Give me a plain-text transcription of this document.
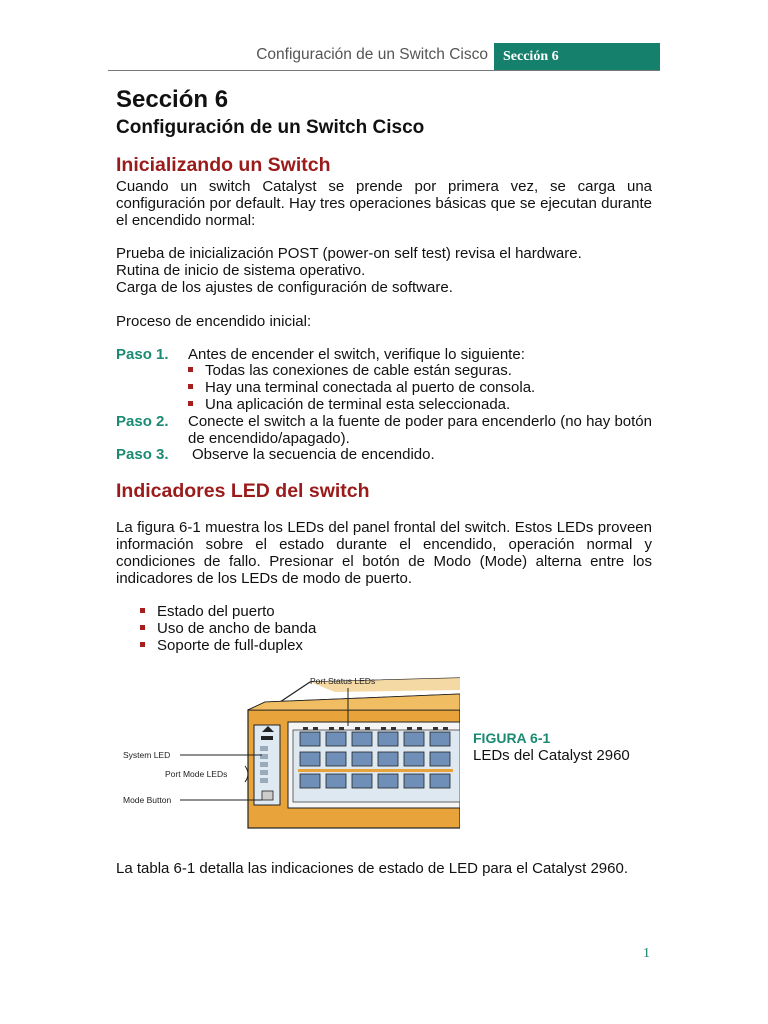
Configuración de un Switch Cisco	Sección 6
Sección 6
Configuración de un Switch Cisco
Inicializando un Switch

Cuando un switch Catalyst se prende por primera vez, se carga una configuración por default. Hay tres operaciones básicas que se ejecutan durante el encendido normal:

Prueba de inicialización POST (power-on self test) revisa el hardware.
Rutina de inicio de sistema operativo.
Carga de los ajustes de configuración de software.
Proceso de encendido inicial:
Paso 1. Antes de encender el switch, verifique lo siguiente:
Todas las conexiones de cable están seguras.
Hay una terminal conectada al puerto de consola.
Una aplicación de terminal esta seleccionada.
Paso 2. Conecte el switch a la fuente de poder para encenderlo (no hay botón de encendido/apagado).
Paso 3. Observe la secuencia de encendido.
Indicadores LED del switch

La figura 6-1 muestra los LEDs del panel frontal del switch. Estos LEDs proveen información sobre el estado durante el encendido, operación normal y condiciones de fallo. Presionar el botón de Modo (Mode) alterna entre los indicadores de los LEDs de modo de puerto.

Estado del puerto
Uso de ancho de banda
Soporte de full-duplex
Port Status LEDs
System LED
Port Mode LEDs
Mode Button
FIGURA 6-1
LEDs del Catalyst 2960
La tabla 6-1 detalla las indicaciones de estado de LED para el Catalyst 2960.
1
